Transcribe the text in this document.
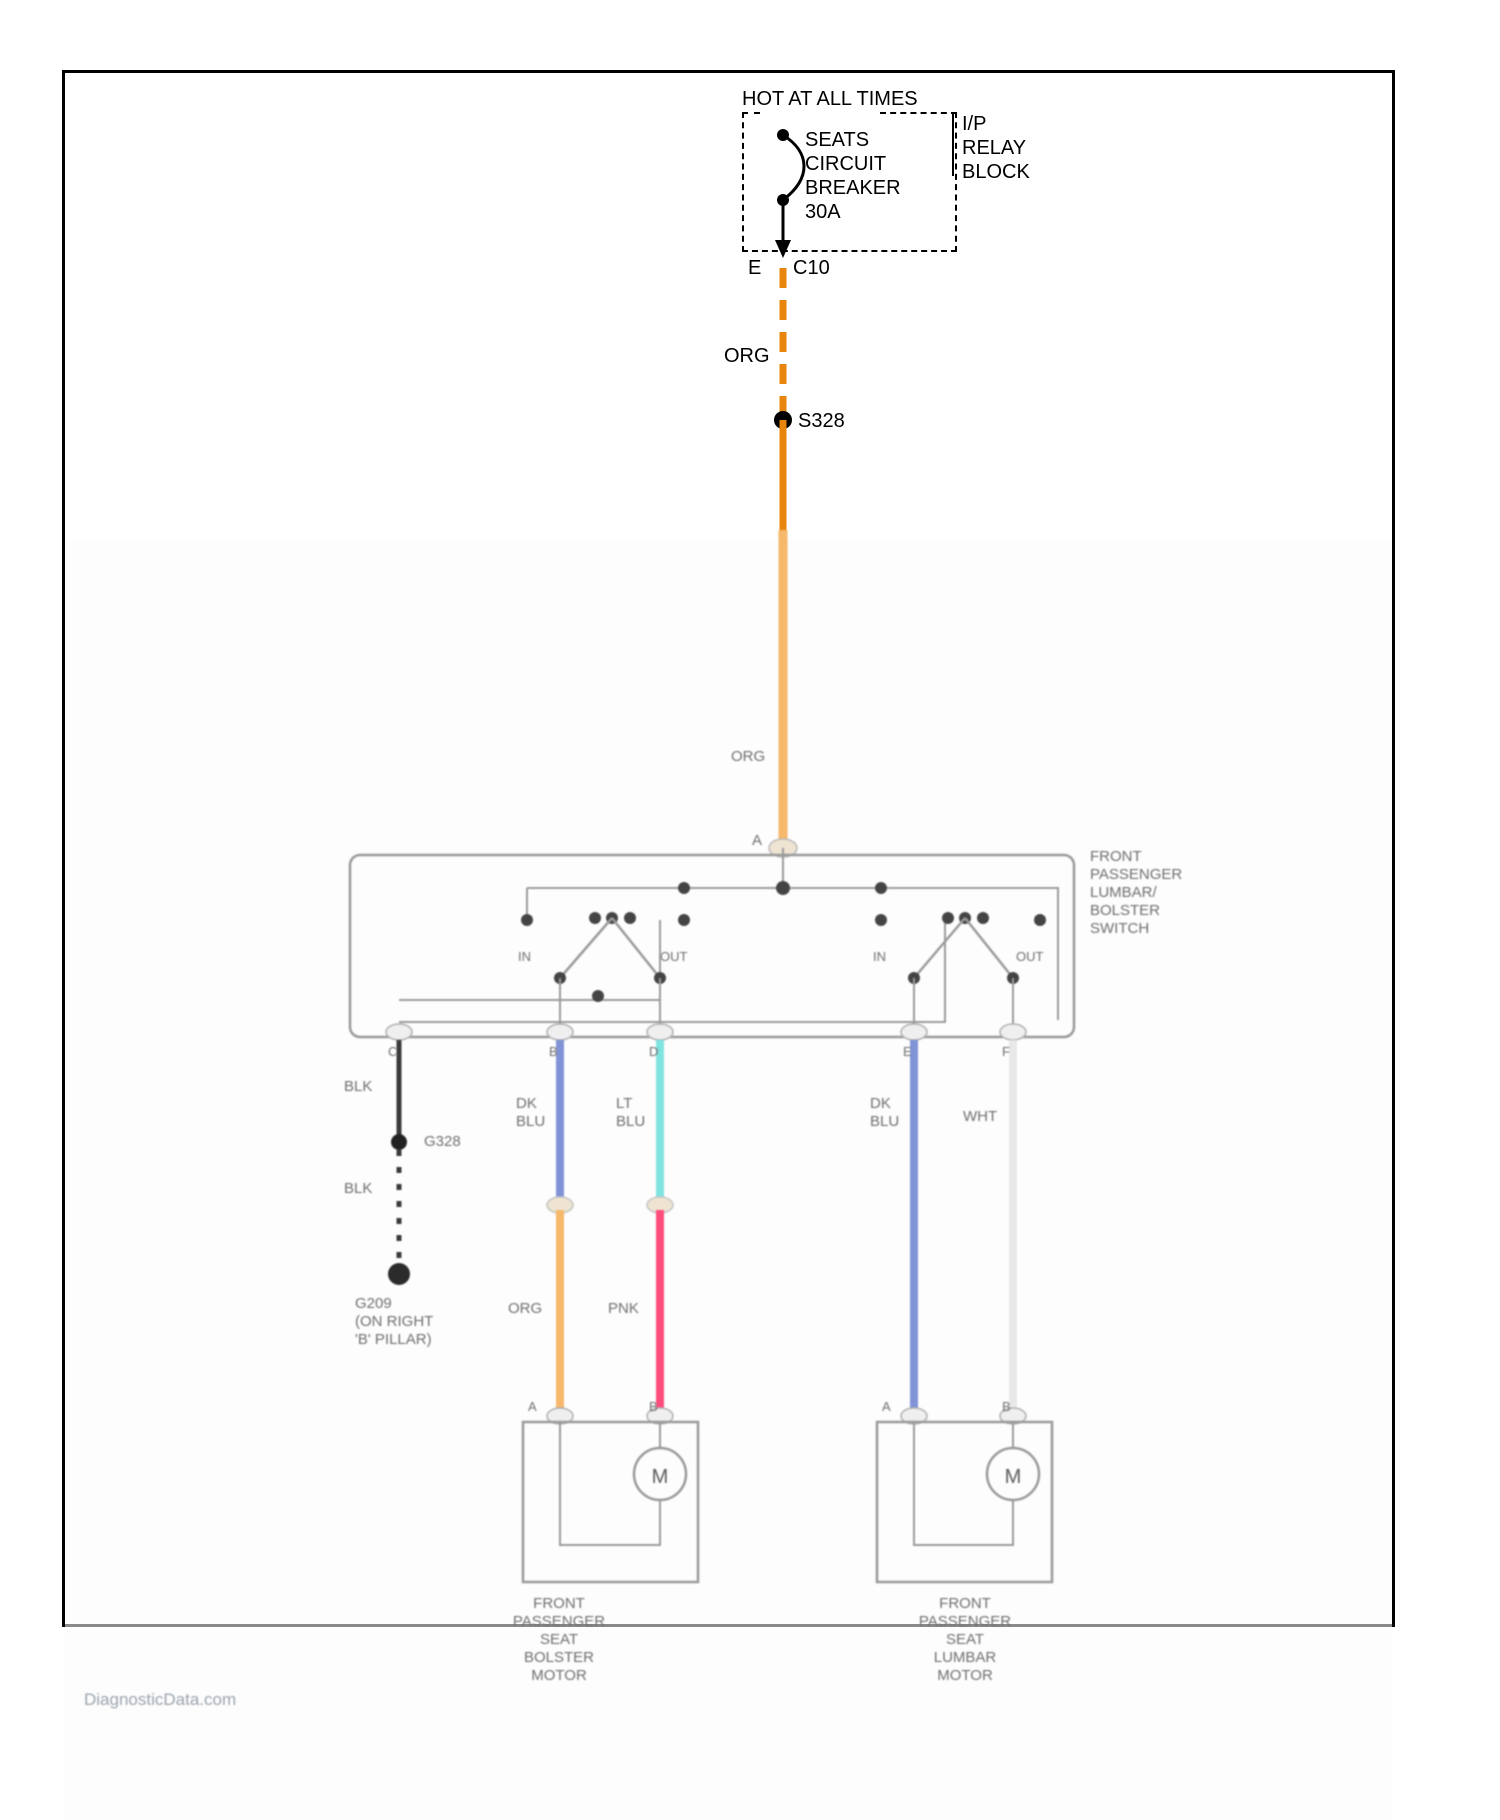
HOT AT ALL TIMES
SEATS
CIRCUIT
BREAKER
30A
I/P
RELAY
BLOCK
E C10
ORG
S328
M	M
ORG
A
FRONT
PASSENGER
LUMBAR/
BOLSTER
SWITCH
IN	OUT	IN	OUT
C	B	D	E	F
BLK
G328
BLK
G209
(ON RIGHT
'B' PILLAR)
DK
BLU
LT
BLU
DK
BLU	WHT
ORG	PNK
A	B	A	B
FRONT
PASSENGER
SEAT
BOLSTER
MOTOR
FRONT
PASSENGER
SEAT
LUMBAR
MOTOR
DiagnosticData.com
